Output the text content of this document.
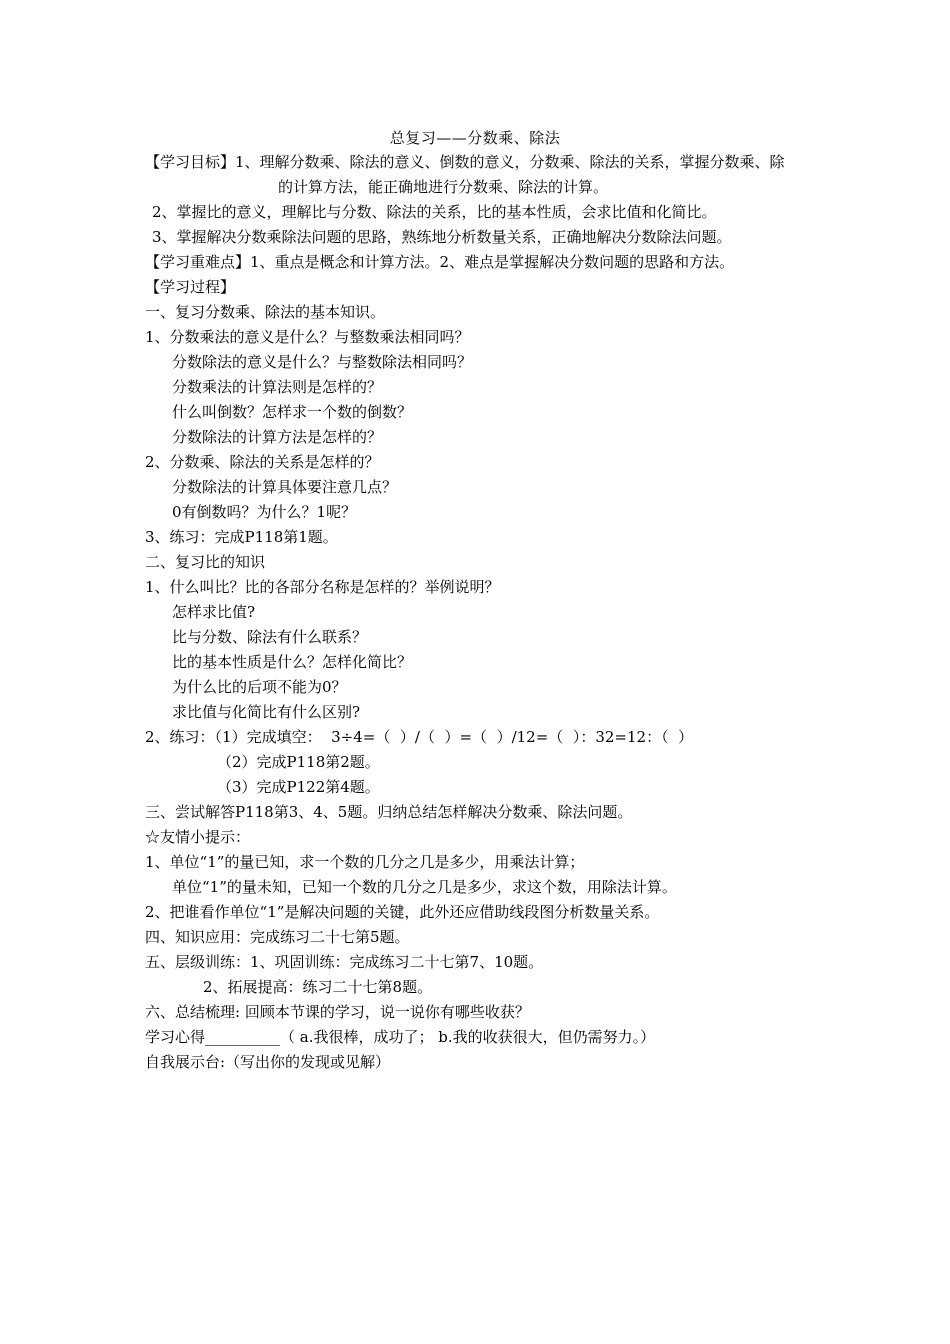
总复习——分数乘、除法
【学习目标】1、理解分数乘、除法的意义、倒数的意义，分数乘、除法的关系，掌握分数乘、除
的计算方法，能正确地进行分数乘、除法的计算。
2、掌握比的意义，理解比与分数、除法的关系，比的基本性质，会求比值和化简比。
3、掌握解决分数乘除法问题的思路，熟练地分析数量关系，正确地解决分数除法问题。
【学习重难点】1、重点是概念和计算方法。2、难点是掌握解决分数问题的思路和方法。
【学习过程】
一、复习分数乘、除法的基本知识。
1、分数乘法的意义是什么？与整数乘法相同吗？
分数除法的意义是什么？与整数除法相同吗？
分数乘法的计算法则是怎样的？
什么叫倒数？怎样求一个数的倒数？
分数除法的计算方法是怎样的？
2、分数乘、除法的关系是怎样的？
分数除法的计算具体要注意几点？
0有倒数吗？为什么？1呢？
3、练习：完成P118第1题。
二、复习比的知识
1、什么叫比？比的各部分名称是怎样的？举例说明？
怎样求比值?
比与分数、除法有什么联系？
比的基本性质是什么？怎样化简比？
为什么比的后项不能为0？
求比值与化简比有什么区别?
2、练习：（1）完成填空：  3÷4=（  ）/（  ）=（  ）/12=（  ）：32=12：（  ）
（2）完成P118第2题。
（3）完成P122第4题。
三、尝试解答P118第3、4、5题。归纳总结怎样解决分数乘、除法问题。
☆友情小提示：
1、单位“1”的量已知，求一个数的几分之几是多少，用乘法计算；
单位“1”的量未知，已知一个数的几分之几是多少，求这个数，用除法计算。
2、把谁看作单位“1”是解决问题的关键，此外还应借助线段图分析数量关系。
四、知识应用：完成练习二十七第5题。
五、层级训练：1、巩固训练：完成练习二十七第7、10题。
2、拓展提高：练习二十七第8题。
六、总结梳理: 回顾本节课的学习，说一说你有哪些收获？
学习心得__________（ a.我很棒，成功了； b.我的收获很大，但仍需努力。）
自我展示台:（写出你的发现或见解）
